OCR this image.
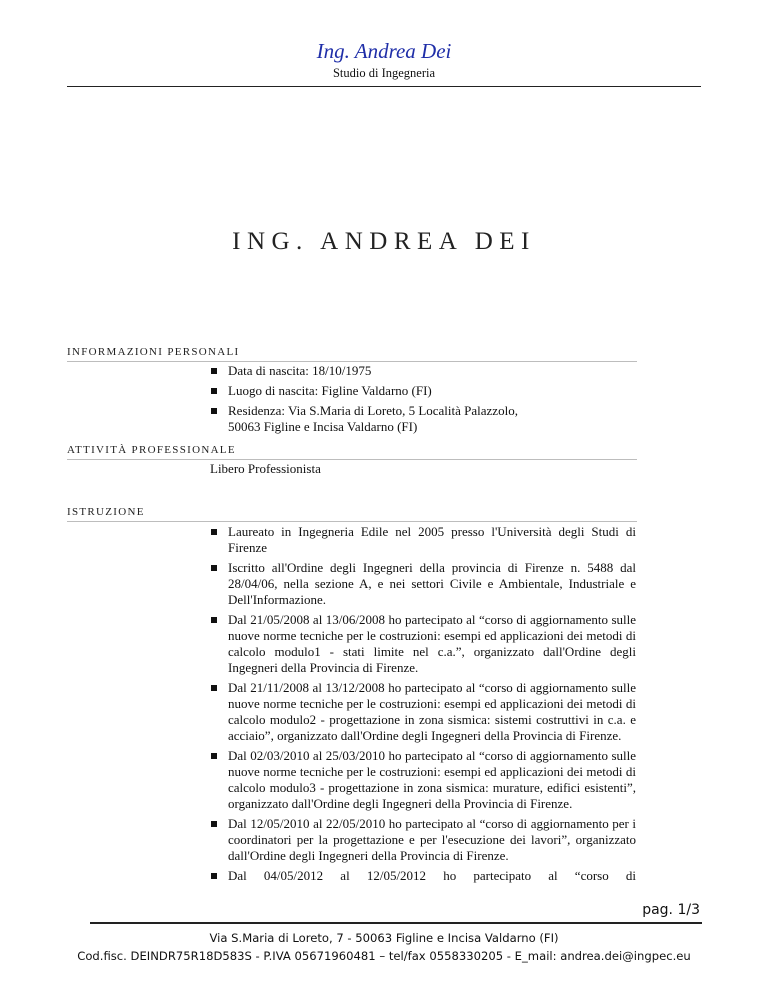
Ing. Andrea Dei
Studio di Ingegneria
ING. ANDREA DEI
INFORMAZIONI PERSONALI
Data di nascita: 18/10/1975
Luogo di nascita: Figline Valdarno (FI)
Residenza: Via S.Maria di Loreto, 5 Località Palazzolo, 50063 Figline e Incisa Valdarno (FI)
ATTIVITÀ PROFESSIONALE
Libero Professionista
ISTRUZIONE
Laureato in Ingegneria Edile nel 2005 presso l'Università degli Studi di Firenze
Iscritto all'Ordine degli Ingegneri della provincia di Firenze n. 5488 dal 28/04/06, nella sezione A, e nei settori Civile e Ambientale, Industriale e Dell'Informazione.
Dal 21/05/2008 al 13/06/2008 ho partecipato al “corso di aggiornamento sulle nuove norme tecniche per le costruzioni: esempi ed applicazioni dei metodi di calcolo modulo1 - stati limite nel c.a.”, organizzato dall'Ordine degli Ingegneri della Provincia di Firenze.
Dal 21/11/2008 al 13/12/2008 ho partecipato al “corso di aggiornamento sulle nuove norme tecniche per le costruzioni: esempi ed applicazioni dei metodi di calcolo modulo2 - progettazione in zona sismica: sistemi costruttivi in c.a. e acciaio”, organizzato dall'Ordine degli Ingegneri della Provincia di Firenze.
Dal 02/03/2010 al 25/03/2010 ho partecipato al “corso di aggiornamento sulle nuove norme tecniche per le costruzioni: esempi ed applicazioni dei metodi di calcolo modulo3 - progettazione in zona sismica: murature, edifici esistenti”, organizzato dall'Ordine degli Ingegneri della Provincia di Firenze.
Dal 12/05/2010 al 22/05/2010 ho partecipato al “corso di aggiornamento per i coordinatori per la progettazione e per l'esecuzione dei lavori”, organizzato dall'Ordine degli Ingegneri della Provincia di Firenze.
Dal 04/05/2012 al 12/05/2012 ho partecipato al “corso di
pag. 1/3
Via S.Maria di Loreto, 7 - 50063 Figline e Incisa Valdarno (FI)
Cod.fisc. DEINDR75R18D583S - P.IVA 05671960481 – tel/fax 0558330205 - E_mail: andrea.dei@ingpec.eu
